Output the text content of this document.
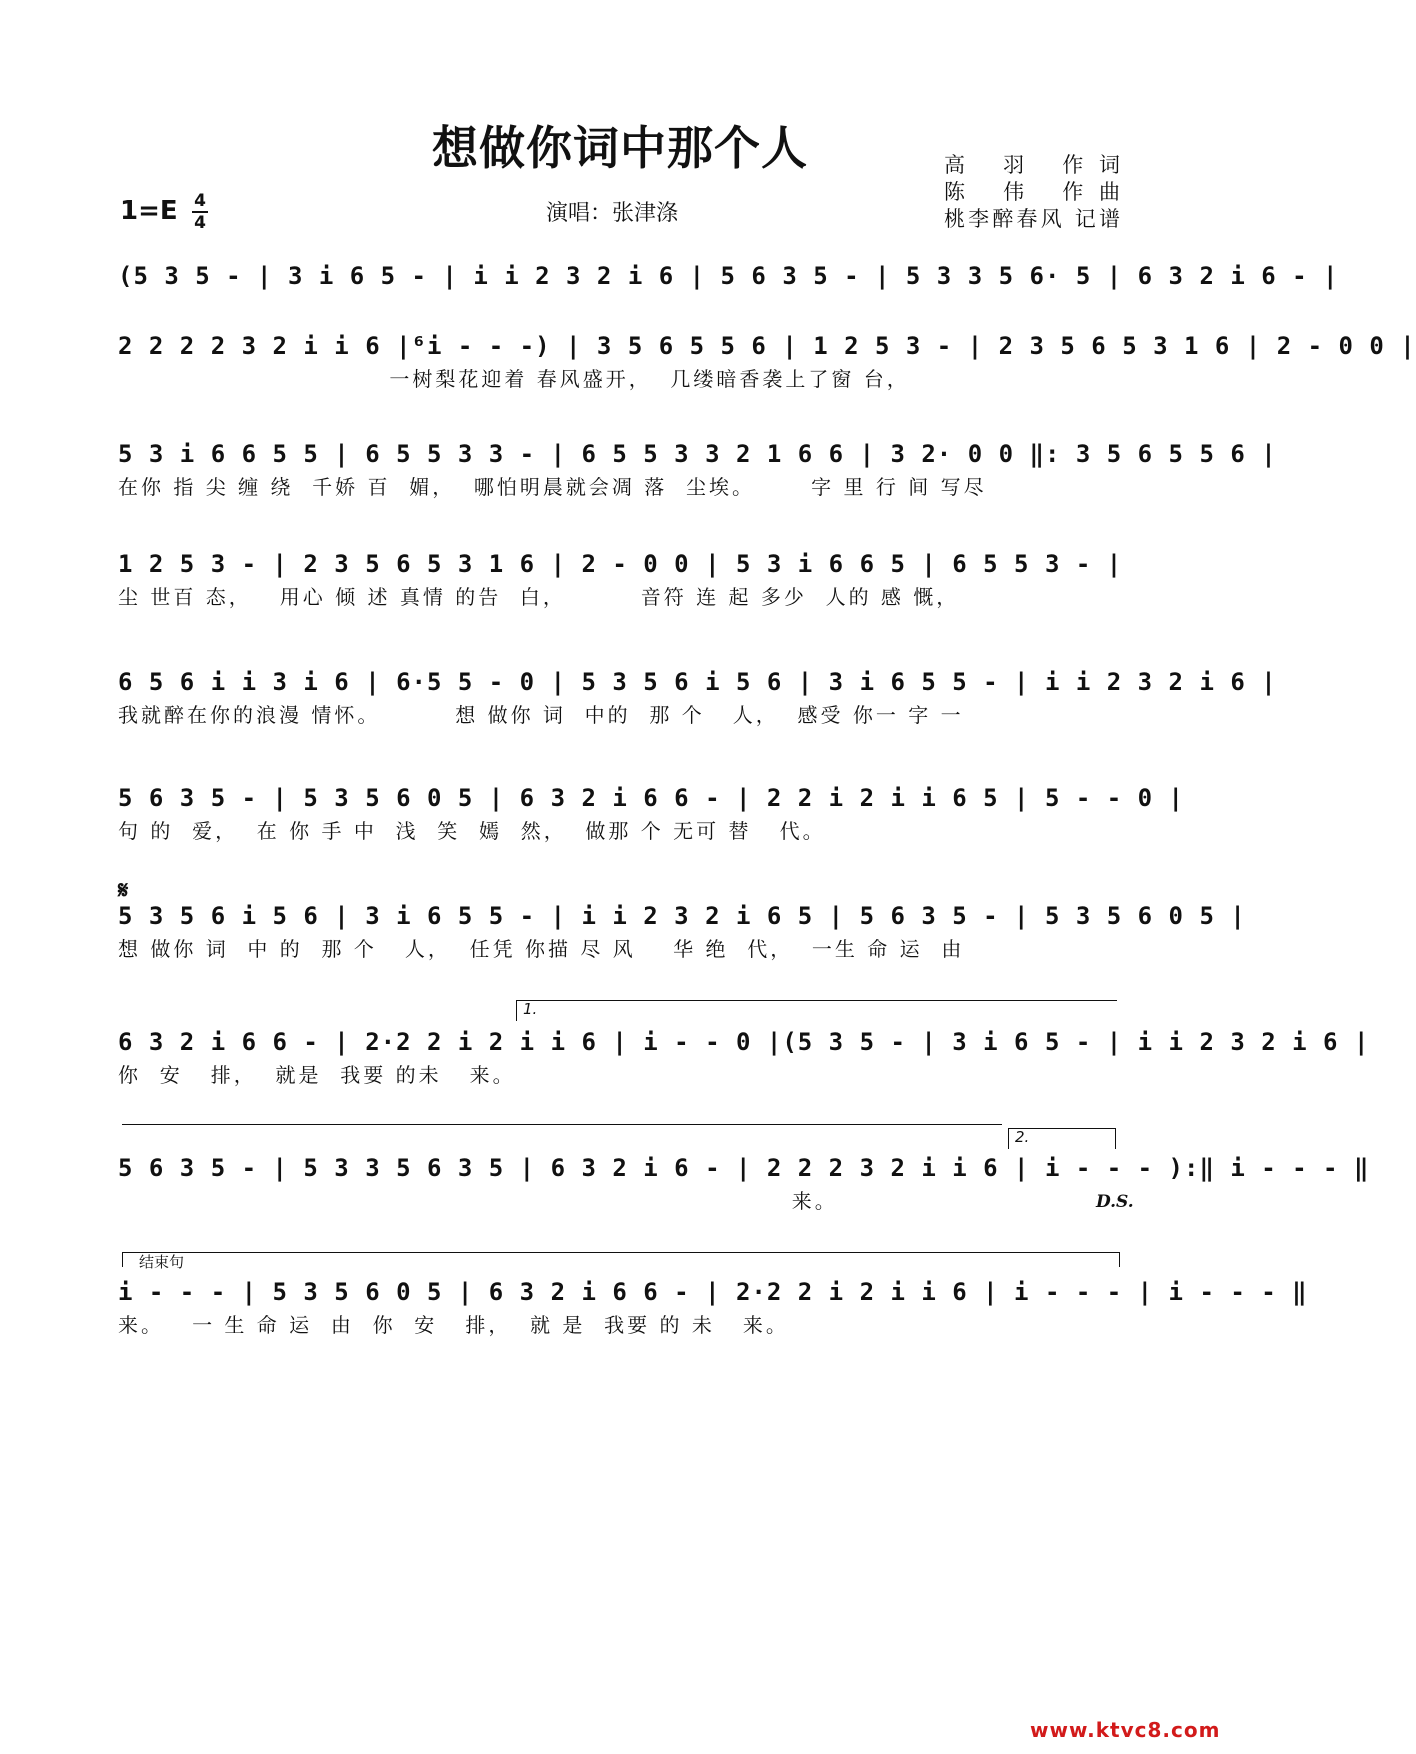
想做你词中那个人	高 羽 作词
陈 伟 作曲
桃李醉春风 记谱
1=E 4
4	演唱：张津涤
(5 3 5 - | 3 i 6 5 - | i i 2 3 2 i 6 | 5 6 3 5 - | 5 3 3 5 6· 5 | 6 3 2 i 6 - |
2 2 2 2 3 2 i i 6 |⁶i - - -) | 3 5 6 5 5 6 | 1 2 5 3 - | 2 3 5 6 5 3 1 6 | 2 - 0 0 |
一树梨花迎着 春风盛开，  几缕暗香袭上了窗 台，
5 3 i 6 6 5 5 | 6 5 5 3 3 - | 6 5 5 3 3 2 1 6 6 | 3 2· 0 0 ‖: 3 5 6 5 5 6 |
在你 指 尖 缠 绕  千娇 百  媚，  哪怕明晨就会凋 落  尘埃。      字 里 行 间 写尽
1 2 5 3 - | 2 3 5 6 5 3 1 6 | 2 - 0 0 | 5 3 i 6 6 5 | 6 5 5 3 - |
尘 世百 态，   用心 倾 述 真情 的告  白，        音符 连 起 多少  人的 感 慨，
6 5 6 i i 3 i 6 | 6·5 5 - 0 | 5 3 5 6 i 5 6 | 3 i 6 5 5 - | i i 2 3 2 i 6 |
我就醉在你的浪漫 情怀。        想 做你 词  中的  那 个   人，  感受 你一 字 一
5 6 3 5 - | 5 3 5 6 0 5 | 6 3 2 i 6 6 - | 2 2 i 2 i i 6 5 | 5 - - 0 |
句 的  爱，  在 你 手 中  浅  笑  嫣  然，  做那 个 无可 替   代。
𝄋
5 3 5 6 i 5 6 | 3 i 6 5 5 - | i i 2 3 2 i 6 5 | 5 6 3 5 - | 5 3 5 6 0 5 |
想 做你 词  中 的  那 个   人，  任凭 你描 尽 风    华 绝  代，  一生 命 运  由
1.
6 3 2 i 6 6 - | 2·2 2 i 2 i i 6 | i - - 0 |(5 3 5 - | 3 i 6 5 - | i i 2 3 2 i 6 |
你  安   排，  就是  我要 的未   来。
2.
5 6 3 5 - | 5 3 3 5 6 3 5 | 6 3 2 i 6 - | 2 2 2 3 2 i i 6 | i - - - ):‖ i - - - ‖
来。	D.S.
结束句
i - - - | 5 3 5 6 0 5 | 6 3 2 i 6 6 - | 2·2 2 i 2 i i 6 | i - - - | i - - - ‖
来。   一 生 命 运  由  你  安   排，  就 是  我要 的 未   来。
www.ktvc8.com
